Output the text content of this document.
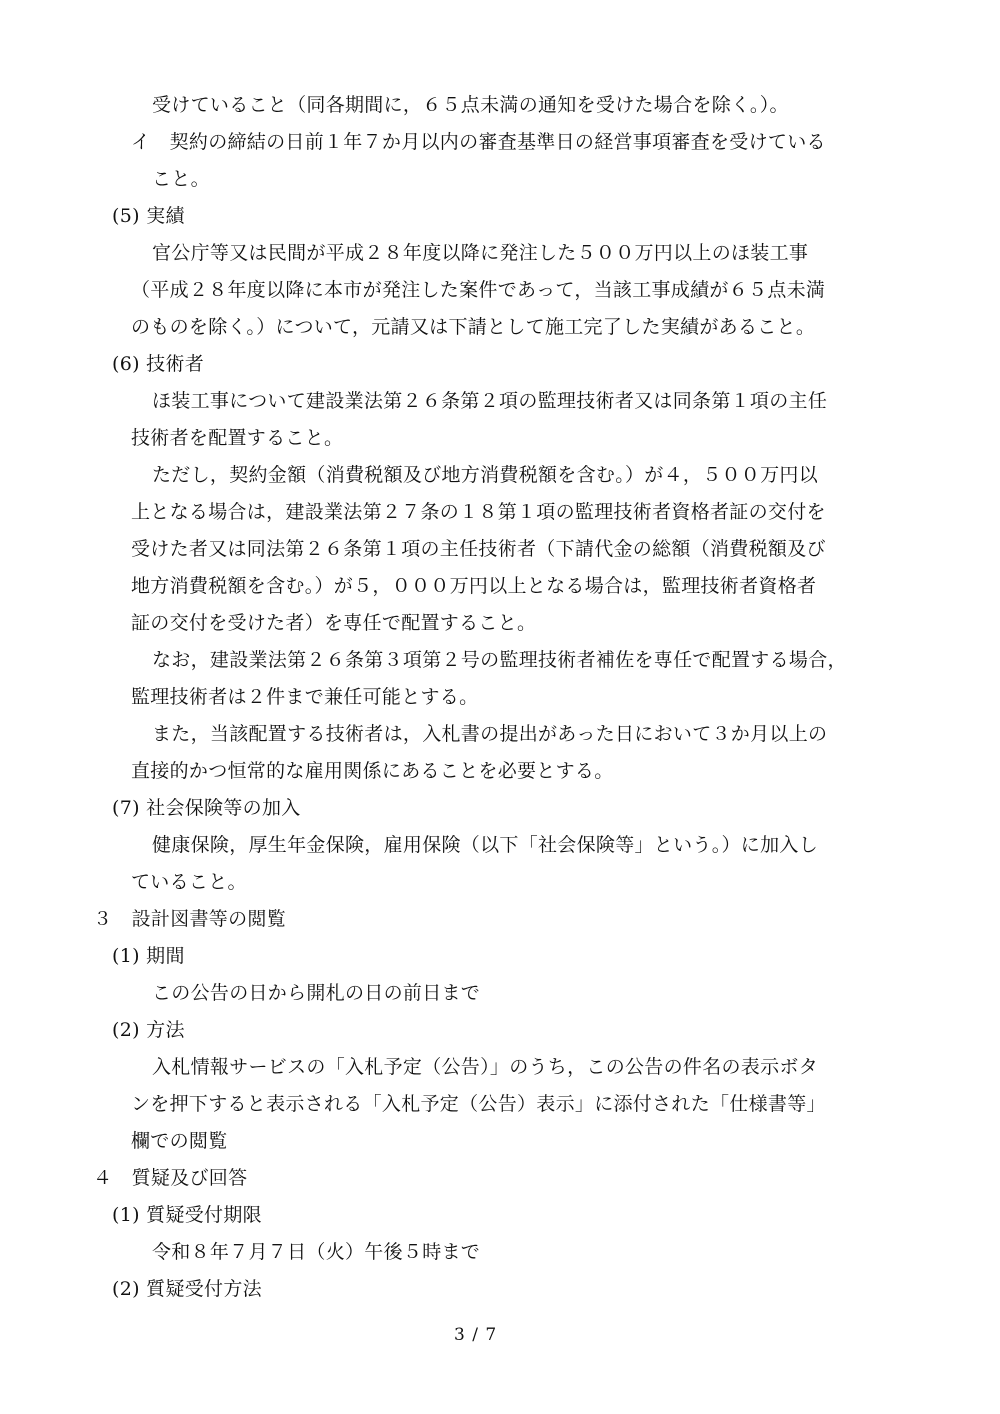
受けていること（同各期間に，６５点未満の通知を受けた場合を除く。）。

イ　契約の締結の日前１年７か月以内の審査基準日の経営事項審査を受けている

こと。

(5) 実績

官公庁等又は民間が平成２８年度以降に発注した５００万円以上のほ装工事

（平成２８年度以降に本市が発注した案件であって，当該工事成績が６５点未満

のものを除く。）について，元請又は下請として施工完了した実績があること。

(6) 技術者

ほ装工事について建設業法第２６条第２項の監理技術者又は同条第１項の主任

技術者を配置すること。

ただし，契約金額（消費税額及び地方消費税額を含む。）が４，５００万円以

上となる場合は，建設業法第２７条の１８第１項の監理技術者資格者証の交付を

受けた者又は同法第２６条第１項の主任技術者（下請代金の総額（消費税額及び

地方消費税額を含む。）が５，０００万円以上となる場合は，監理技術者資格者

証の交付を受けた者）を専任で配置すること。

なお，建設業法第２６条第３項第２号の監理技術者補佐を専任で配置する場合，

監理技術者は２件まで兼任可能とする。

また，当該配置する技術者は，入札書の提出があった日において３か月以上の

直接的かつ恒常的な雇用関係にあることを必要とする。

(7) 社会保険等の加入

健康保険，厚生年金保険，雇用保険（以下「社会保険等」という。）に加入し

ていること。

３　設計図書等の閲覧

(1) 期間

この公告の日から開札の日の前日まで

(2) 方法

入札情報サービスの「入札予定（公告）」のうち，この公告の件名の表示ボタ

ンを押下すると表示される「入札予定（公告）表示」に添付された「仕様書等」

欄での閲覧

４　質疑及び回答

(1) 質疑受付期限

令和８年７月７日（火）午後５時まで

(2) 質疑受付方法

3 / 7
